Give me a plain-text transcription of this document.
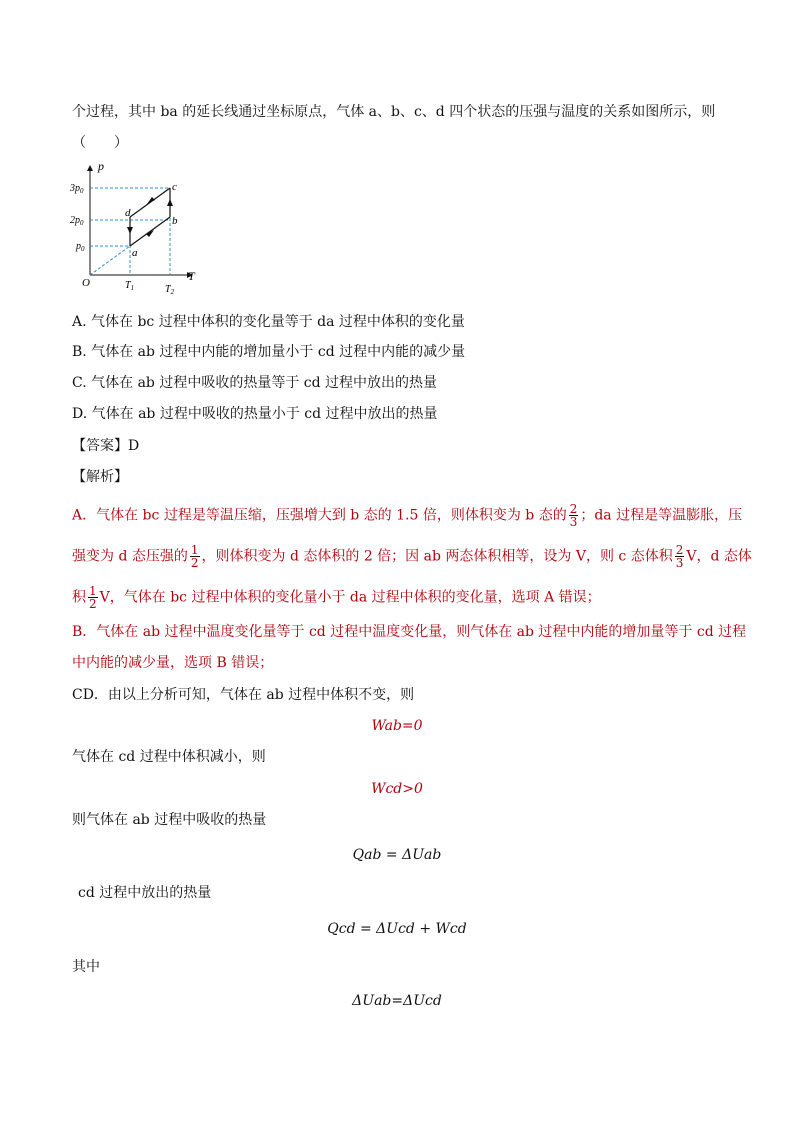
个过程，其中 ba 的延长线通过坐标原点，气体 a、b、c、d 四个状态的压强与温度的关系如图所示，则
（　　）
p
T
O
$3p_0$
$2p_0$
$p_0$
$T_1$	$T_2$
a
b
c
d
A. 气体在 bc 过程中体积的变化量等于 da 过程中体积的变化量
B. 气体在 ab 过程中内能的增加量小于 cd 过程中内能的减少量
C. 气体在 ab 过程中吸收的热量等于 cd 过程中放出的热量
D. 气体在 ab 过程中吸收的热量小于 cd 过程中放出的热量
【答案】D
【解析】
A．气体在 bc 过程是等温压缩，压强增大到 b 态的 1.5 倍，则体积变为 b 态的 $\frac{2}{3}$ ；da 过程是等温膨胀，压
强变为 d 态压强的 $\frac{1}{2}$ ，则体积变为 d 态体积的 2 倍；因 ab 两态体积相等，设为 V，则 c 态体积 $\frac{2}{3}$ V，d 态体
积 $\frac{1}{2}$ V，气体在 bc 过程中体积的变化量小于 da 过程中体积的变化量，选项 A 错误；
B．气体在 ab 过程中温度变化量等于 cd 过程中温度变化量，则气体在 ab 过程中内能的增加量等于 cd 过程
中内能的减少量，选项 B 错误；
CD．由以上分析可知，气体在 ab 过程中体积不变，则
Wab=0
气体在 cd 过程中体积减小，则
Wcd>0
则气体在 ab 过程中吸收的热量
Qab = ΔUab
cd 过程中放出的热量
Qcd = ΔUcd + Wcd
其中
ΔUab=ΔUcd
